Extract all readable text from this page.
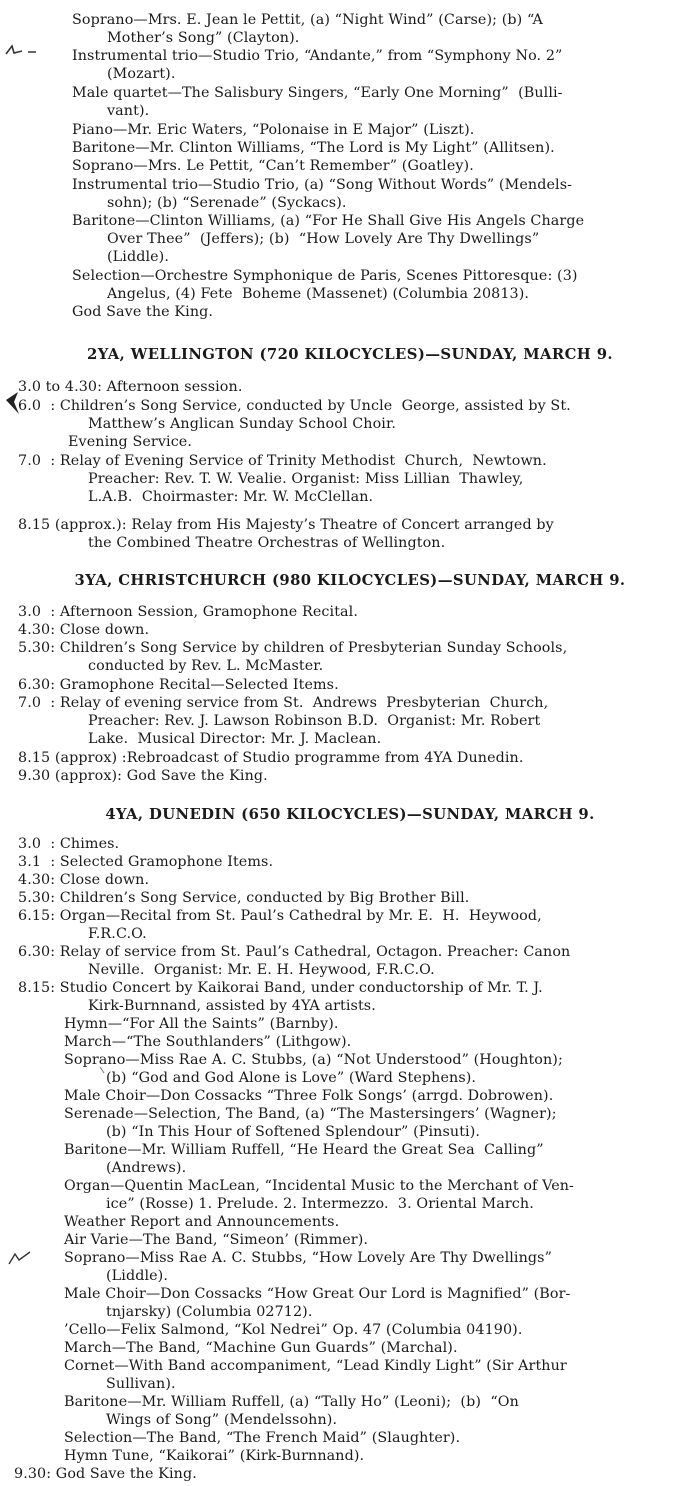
Soprano—Mrs. E. Jean le Pettit, (a) “Night Wind” (Carse); (b) “A
Mother’s Song” (Clayton).
Instrumental trio—Studio Trio, “Andante,” from “Symphony No. 2”
(Mozart).
Male quartet—The Salisbury Singers, “Early One Morning”  (Bulli-
vant).
Piano—Mr. Eric Waters, “Polonaise in E Major” (Liszt).
Baritone—Mr. Clinton Williams, “The Lord is My Light” (Allitsen).
Soprano—Mrs. Le Pettit, “Can’t Remember” (Goatley).
Instrumental trio—Studio Trio, (a) “Song Without Words” (Mendels-
sohn); (b) “Serenade” (Syckacs).
Baritone—Clinton Williams, (a) “For He Shall Give His Angels Charge
Over Thee”  (Jeffers); (b)  “How Lovely Are Thy Dwellings”
(Liddle).
Selection—Orchestre Symphonique de Paris, Scenes Pittoresque: (3)
Angelus, (4) Fete  Boheme (Massenet) (Columbia 20813).
God Save the King.
2YA, WELLINGTON (720 KILOCYCLES)—SUNDAY, MARCH 9.
3.0 to 4.30: Afternoon session.
6.0  : Children’s Song Service, conducted by Uncle  George, assisted by St.
Matthew’s Anglican Sunday School Choir.
Evening Service.
7.0  : Relay of Evening Service of Trinity Methodist  Church,  Newtown.
Preacher: Rev. T. W. Vealie. Organist: Miss Lillian  Thawley,
L.A.B.  Choirmaster: Mr. W. McClellan.
8.15 (approx.): Relay from His Majesty’s Theatre of Concert arranged by
the Combined Theatre Orchestras of Wellington.
3YA, CHRISTCHURCH (980 KILOCYCLES)—SUNDAY, MARCH 9.
3.0  : Afternoon Session, Gramophone Recital.
4.30: Close down.
5.30: Children’s Song Service by children of Presbyterian Sunday Schools,
conducted by Rev. L. McMaster.
6.30: Gramophone Recital—Selected Items.
7.0  : Relay of evening service from St.  Andrews  Presbyterian  Church,
Preacher: Rev. J. Lawson Robinson B.D.  Organist: Mr. Robert
Lake.  Musical Director: Mr. J. Maclean.
8.15 (approx) :Rebroadcast of Studio programme from 4YA Dunedin.
9.30 (approx): God Save the King.
4YA, DUNEDIN (650 KILOCYCLES)—SUNDAY, MARCH 9.
3.0  : Chimes.
3.1  : Selected Gramophone Items.
4.30: Close down.
5.30: Children’s Song Service, conducted by Big Brother Bill.
6.15: Organ—Recital from St. Paul’s Cathedral by Mr. E.  H.  Heywood,
F.R.C.O.
6.30: Relay of service from St. Paul’s Cathedral, Octagon. Preacher: Canon
Neville.  Organist: Mr. E. H. Heywood, F.R.C.O.
8.15: Studio Concert by Kaikorai Band, under conductorship of Mr. T. J.
Kirk-Burnnand, assisted by 4YA artists.
Hymn—“For All the Saints” (Barnby).
March—“The Southlanders” (Lithgow).
Soprano—Miss Rae A. C. Stubbs, (a) “Not Understood” (Houghton);
(b) “God and God Alone is Love” (Ward Stephens).
Male Choir—Don Cossacks “Three Folk Songs’ (arrgd. Dobrowen).
Serenade—Selection, The Band, (a) “The Mastersingers’ (Wagner);
(b) “In This Hour of Softened Splendour” (Pinsuti).
Baritone—Mr. William Ruffell, “He Heard the Great Sea  Calling”
(Andrews).
Organ—Quentin MacLean, “Incidental Music to the Merchant of Ven-
ice” (Rosse) 1. Prelude. 2. Intermezzo.  3. Oriental March.
Weather Report and Announcements.
Air Varie—The Band, “Simeon’ (Rimmer).
Soprano—Miss Rae A. C. Stubbs, “How Lovely Are Thy Dwellings”
(Liddle).
Male Choir—Don Cossacks “How Great Our Lord is Magnified” (Bor-
tnjarsky) (Columbia 02712).
’Cello—Felix Salmond, “Kol Nedrei” Op. 47 (Columbia 04190).
March—The Band, “Machine Gun Guards” (Marchal).
Cornet—With Band accompaniment, “Lead Kindly Light” (Sir Arthur
Sullivan).
Baritone—Mr. William Ruffell, (a) “Tally Ho” (Leoni);  (b)  “On
Wings of Song” (Mendelssohn).
Selection—The Band, “The French Maid” (Slaughter).
Hymn Tune, “Kaikorai” (Kirk-Burnnand).
9.30: God Save the King.
